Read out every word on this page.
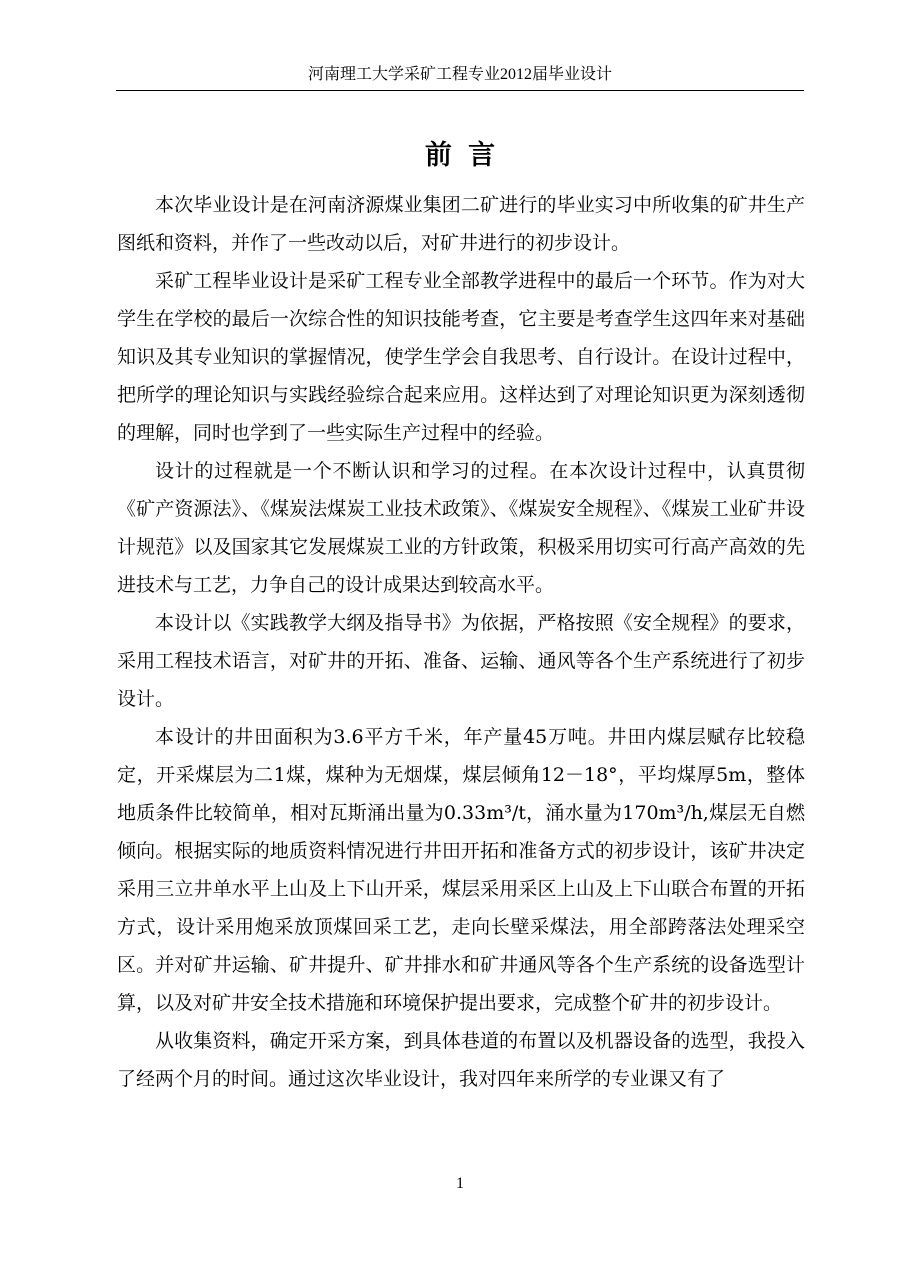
河南理工大学采矿工程专业2012届毕业设计
前言

本次毕业设计是在河南济源煤业集团二矿进行的毕业实习中所收集的矿井生产图纸和资料，并作了一些改动以后，对矿井进行的初步设计。

采矿工程毕业设计是采矿工程专业全部教学进程中的最后一个环节。作为对大学生在学校的最后一次综合性的知识技能考查，它主要是考查学生这四年来对基础知识及其专业知识的掌握情况，使学生学会自我思考、自行设计。在设计过程中，把所学的理论知识与实践经验综合起来应用。这样达到了对理论知识更为深刻透彻的理解，同时也学到了一些实际生产过程中的经验。

设计的过程就是一个不断认识和学习的过程。在本次设计过程中，认真贯彻《矿产资源法》、《煤炭法煤炭工业技术政策》、《煤炭安全规程》、《煤炭工业矿井设计规范》以及国家其它发展煤炭工业的方针政策，积极采用切实可行高产高效的先进技术与工艺，力争自己的设计成果达到较高水平。

本设计以《实践教学大纲及指导书》为依据，严格按照《安全规程》的要求，采用工程技术语言，对矿井的开拓、准备、运输、通风等各个生产系统进行了初步设计。

本设计的井田面积为3.6平方千米，年产量45万吨。井田内煤层赋存比较稳定，开采煤层为二1煤，煤种为无烟煤，煤层倾角12－18°，平均煤厚5m，整体地质条件比较简单，相对瓦斯涌出量为0.33m³/t，涌水量为170m³/h,煤层无自燃倾向。根据实际的地质资料情况进行井田开拓和准备方式的初步设计，该矿井决定采用三立井单水平上山及上下山开采，煤层采用采区上山及上下山联合布置的开拓方式，设计采用炮采放顶煤回采工艺，走向长壁采煤法，用全部跨落法处理采空区。并对矿井运输、矿井提升、矿井排水和矿井通风等各个生产系统的设备选型计算，以及对矿井安全技术措施和环境保护提出要求，完成整个矿井的初步设计。

从收集资料，确定开采方案，到具体巷道的布置以及机器设备的选型，我投入了经两个月的时间。通过这次毕业设计，我对四年来所学的专业课又有了

1
